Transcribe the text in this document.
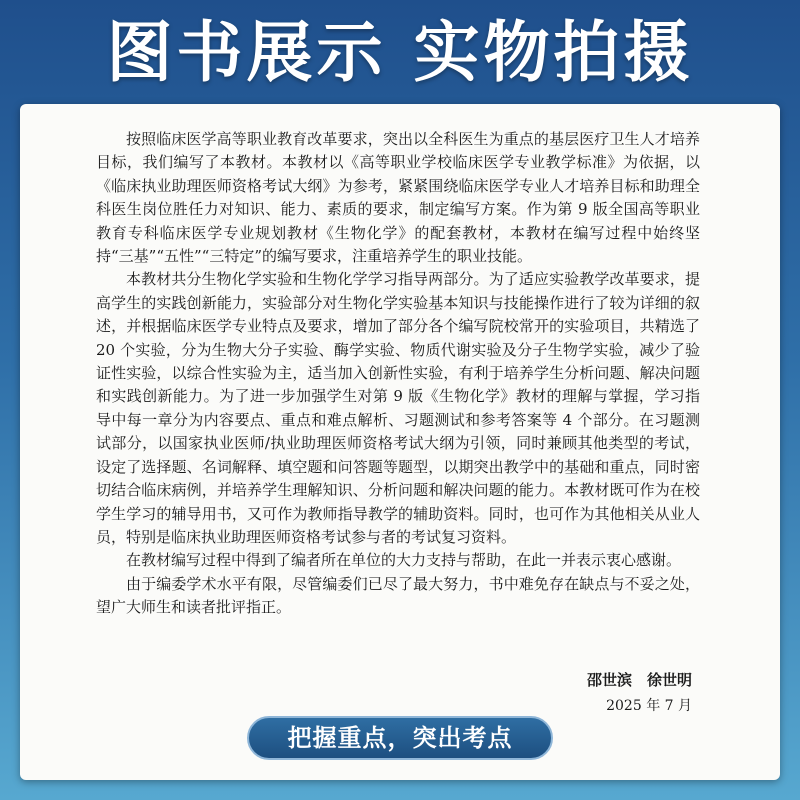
图书展示 实物拍摄

按照临床医学高等职业教育改革要求，突出以全科医生为重点的基层医疗卫生人才培养目标，我们编写了本教材。本教材以《高等职业学校临床医学专业教学标准》为依据，以《临床执业助理医师资格考试大纲》为参考，紧紧围绕临床医学专业人才培养目标和助理全科医生岗位胜任力对知识、能力、素质的要求，制定编写方案。作为第 9 版全国高等职业教育专科临床医学专业规划教材《生物化学》的配套教材，本教材在编写过程中始终坚持“三基”“五性”“三特定”的编写要求，注重培养学生的职业技能。

本教材共分生物化学实验和生物化学学习指导两部分。为了适应实验教学改革要求，提高学生的实践创新能力，实验部分对生物化学实验基本知识与技能操作进行了较为详细的叙述，并根据临床医学专业特点及要求，增加了部分各个编写院校常开的实验项目，共精选了 20 个实验，分为生物大分子实验、酶学实验、物质代谢实验及分子生物学实验，减少了验证性实验，以综合性实验为主，适当加入创新性实验，有利于培养学生分析问题、解决问题和实践创新能力。为了进一步加强学生对第 9 版《生物化学》教材的理解与掌握，学习指导中每一章分为内容要点、重点和难点解析、习题测试和参考答案等 4 个部分。在习题测试部分，以国家执业医师/执业助理医师资格考试大纲为引领，同时兼顾其他类型的考试，设定了选择题、名词解释、填空题和问答题等题型，以期突出教学中的基础和重点，同时密切结合临床病例，并培养学生理解知识、分析问题和解决问题的能力。本教材既可作为在校学生学习的辅导用书，又可作为教师指导教学的辅助资料。同时，也可作为其他相关从业人员，特别是临床执业助理医师资格考试参与者的考试复习资料。

在教材编写过程中得到了编者所在单位的大力支持与帮助，在此一并表示衷心感谢。

由于编委学术水平有限，尽管编委们已尽了最大努力，书中难免存在缺点与不妥之处，望广大师生和读者批评指正。

邵世滨　徐世明
2025 年 7 月
把握重点，突出考点
